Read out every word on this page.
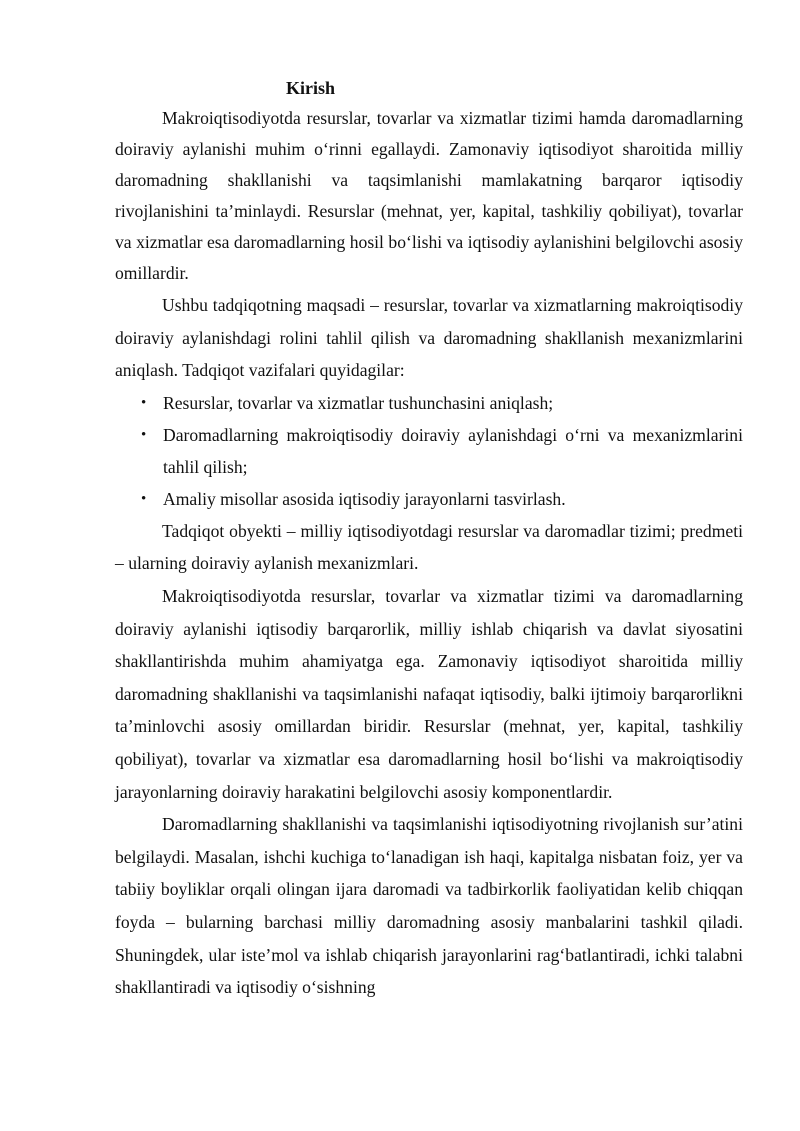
Kirish

Makroiqtisodiyotda resurslar, tovarlar va xizmatlar tizimi hamda daromadlarning doiraviy aylanishi muhim o‘rinni egallaydi. Zamonaviy iqtisodiyot sharoitida milliy daromadning shakllanishi va taqsimlanishi mamlakatning barqaror iqtisodiy rivojlanishini ta’minlaydi. Resurslar (mehnat, yer, kapital, tashkiliy qobiliyat), tovarlar va xizmatlar esa daromadlarning hosil bo‘lishi va iqtisodiy aylanishini belgilovchi asosiy omillardir.

Ushbu tadqiqotning maqsadi – resurslar, tovarlar va xizmatlarning makroiqtisodiy doiraviy aylanishdagi rolini tahlil qilish va daromadning shakllanish mexanizmlarini aniqlash. Tadqiqot vazifalari quyidagilar:

• Resurslar, tovarlar va xizmatlar tushunchasini aniqlash;
• Daromadlarning makroiqtisodiy doiraviy aylanishdagi o‘rni va mexanizmlarini tahlil qilish;
• Amaliy misollar asosida iqtisodiy jarayonlarni tasvirlash.

Tadqiqot obyekti – milliy iqtisodiyotdagi resurslar va daromadlar tizimi; predmeti – ularning doiraviy aylanish mexanizmlari.

Makroiqtisodiyotda resurslar, tovarlar va xizmatlar tizimi va daromadlarning doiraviy aylanishi iqtisodiy barqarorlik, milliy ishlab chiqarish va davlat siyosatini shakllantirishda muhim ahamiyatga ega. Zamonaviy iqtisodiyot sharoitida milliy daromadning shakllanishi va taqsimlanishi nafaqat iqtisodiy, balki ijtimoiy barqarorlikni ta’minlovchi asosiy omillardan biridir. Resurslar (mehnat, yer, kapital, tashkiliy qobiliyat), tovarlar va xizmatlar esa daromadlarning hosil bo‘lishi va makroiqtisodiy jarayonlarning doiraviy harakatini belgilovchi asosiy komponentlardir.

Daromadlarning shakllanishi va taqsimlanishi iqtisodiyotning rivojlanish sur’atini belgilaydi. Masalan, ishchi kuchiga to‘lanadigan ish haqi, kapitalga nisbatan foiz, yer va tabiiy boyliklar orqali olingan ijara daromadi va tadbirkorlik faoliyatidan kelib chiqqan foyda – bularning barchasi milliy daromadning asosiy manbalarini tashkil qiladi. Shuningdek, ular iste’mol va ishlab chiqarish jarayonlarini rag‘batlantiradi, ichki talabni shakllantiradi va iqtisodiy o‘sishning
